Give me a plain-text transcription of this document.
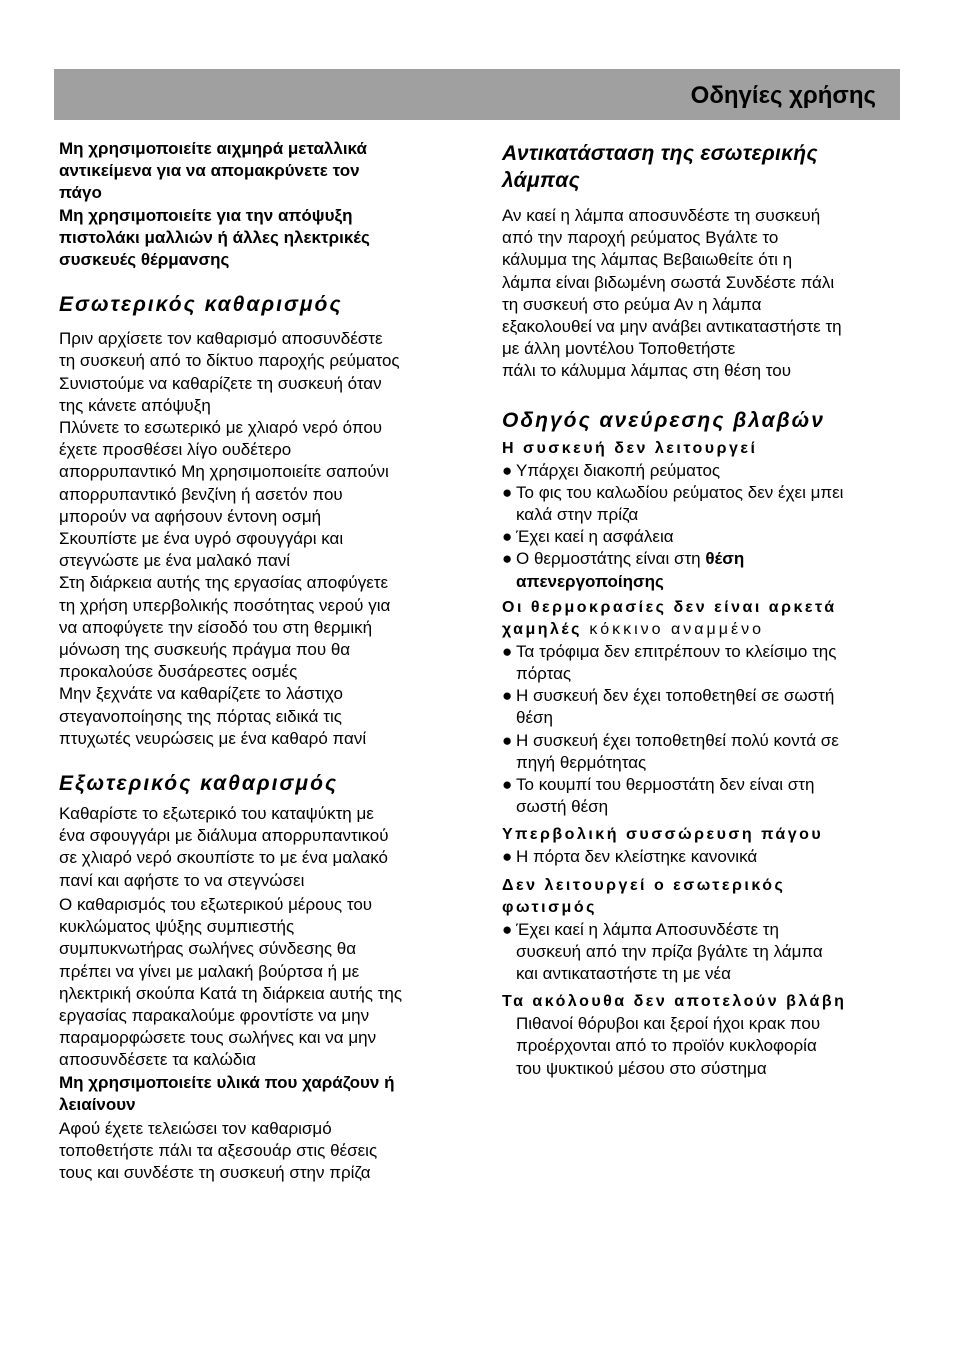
Οδηγίες χρήσης

Μη χρησιμοποιείτε αιχμηρά μεταλλικά
αντικείμενα για να απομακρύνετε τον
πάγο

Μη χρησιμοποιείτε για την απόψυξη
πιστολάκι μαλλιών ή άλλες ηλεκτρικές
συσκευές θέρμανσης

Εσωτερικός καθαρισμός

Πριν αρχίσετε τον καθαρισμό αποσυνδέστε
τη συσκευή από το δίκτυο παροχής ρεύματος

Συνιστούμε να καθαρίζετε τη συσκευή όταν
της κάνετε απόψυξη

Πλύνετε το εσωτερικό με χλιαρό νερό όπου
έχετε προσθέσει λίγο ουδέτερο
απορρυπαντικό Μη χρησιμοποιείτε σαπούνι
απορρυπαντικό βενζίνη ή ασετόν που
μπορούν να αφήσουν έντονη οσμή

Σκουπίστε με ένα υγρό σφουγγάρι και
στεγνώστε με ένα μαλακό πανί

Στη διάρκεια αυτής της εργασίας αποφύγετε
τη χρήση υπερβολικής ποσότητας νερού για
να αποφύγετε την είσοδό του στη θερμική
μόνωση της συσκευής πράγμα που θα
προκαλούσε δυσάρεστες οσμές

Μην ξεχνάτε να καθαρίζετε το λάστιχο
στεγανοποίησης της πόρτας ειδικά τις
πτυχωτές νευρώσεις με ένα καθαρό πανί

Εξωτερικός καθαρισμός

Καθαρίστε το εξωτερικό του καταψύκτη με
ένα σφουγγάρι με διάλυμα απορρυπαντικού
σε χλιαρό νερό σκουπίστε το με ένα μαλακό
πανί και αφήστε το να στεγνώσει

Ο καθαρισμός του εξωτερικού μέρους του
κυκλώματος ψύξης συμπιεστής
συμπυκνωτήρας σωλήνες σύνδεσης θα
πρέπει να γίνει με μαλακή βούρτσα ή με
ηλεκτρική σκούπα Κατά τη διάρκεια αυτής της
εργασίας παρακαλούμε φροντίστε να μην
παραμορφώσετε τους σωλήνες και να μην
αποσυνδέσετε τα καλώδια

Μη χρησιμοποιείτε υλικά που χαράζουν ή
λειαίνουν

Αφού έχετε τελειώσει τον καθαρισμό
τοποθετήστε πάλι τα αξεσουάρ στις θέσεις
τους και συνδέστε τη συσκευή στην πρίζα

Αντικατάσταση της εσωτερικής
λάμπας

Αν καεί η λάμπα αποσυνδέστε τη συσκευή
από την παροχή ρεύματος Βγάλτε το
κάλυμμα της λάμπας Βεβαιωθείτε ότι η
λάμπα είναι βιδωμένη σωστά Συνδέστε πάλι
τη συσκευή στο ρεύμα Αν η λάμπα
εξακολουθεί να μην ανάβει αντικαταστήστε τη
με άλλη μοντέλου Τοποθετήστε
πάλι το κάλυμμα λάμπας στη θέση του

Οδηγός ανεύρεσης βλαβών
Η συσκευή δεν λειτουργεί
● Υπάρχει διακοπή ρεύματος
● Το φις του καλωδίου ρεύματος δεν έχει μπει
καλά στην πρίζα
● Έχει καεί η ασφάλεια
● Ο θερμοστάτης είναι στη θέση
απενεργοποίησης
Οι θερμοκρασίες δεν είναι αρκετά
χαμηλές κόκκινο αναμμένο
● Τα τρόφιμα δεν επιτρέπουν το κλείσιμο της
πόρτας
● Η συσκευή δεν έχει τοποθετηθεί σε σωστή
θέση
● Η συσκευή έχει τοποθετηθεί πολύ κοντά σε
πηγή θερμότητας
● Το κουμπί του θερμοστάτη δεν είναι στη
σωστή θέση
Υπερβολική συσσώρευση πάγου
● Η πόρτα δεν κλείστηκε κανονικά
Δεν λειτουργεί ο εσωτερικός
φωτισμός
● Έχει καεί η λάμπα Αποσυνδέστε τη
συσκευή από την πρίζα βγάλτε τη λάμπα
και αντικαταστήστε τη με νέα
Τα ακόλουθα δεν αποτελούν βλάβη
Πιθανοί θόρυβοι και ξεροί ήχοι κρακ που
προέρχονται από το προϊόν κυκλοφορία
του ψυκτικού μέσου στο σύστημα
